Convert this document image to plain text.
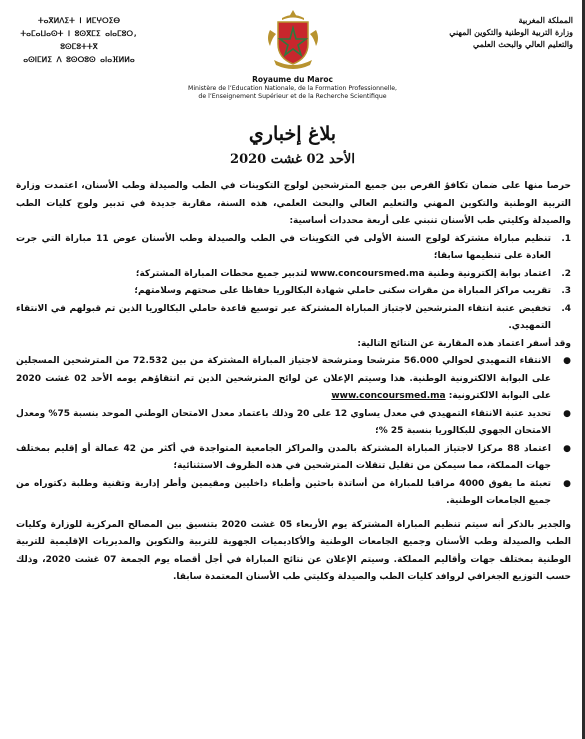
ⵜⴰⴳⵍⴷⵉⵜ ⵏ ⵍⵎⵖⵔⵉⴱ
ⵜⴰⵎⴰⵡⴰⵙⵜ ⵏ ⵓⵙⴳⵎⵉ ⴰⵏⴰⵎⵓⵔ, ⵓⵙⵎⵓⵜⵜⴳ
ⴰⵙⵏⵎⵍⵉ ⴷ ⵓⵙⵔⵓⵙ ⴰⵏⴰⴼⵍⵍⴰ
المملكة المغربية
وزارة التربية الوطنية والتكوين المهني
والتعليم العالي والبحث العلمي
Royaume du Maroc
Ministère de l’Education Nationale, de la Formation Professionnelle,
de l’Enseignement Supérieur et de la Recherche Scientifique
بلاغ إخباري
الأحد 02 غشت 2020

حرصا منها على ضمان تكافؤ الفرص بين جميع المترشحين لولوج التكوينات في الطب والصيدلة وطب الأسنان، اعتمدت وزارة التربية الوطنية والتكوين المهني والتعليم العالي والبحث العلمي، هذه السنة، مقاربة جديدة في تدبير ولوج كليات الطب والصيدلة وكليتي طب الأسنان تنبني على أربعة محددات أساسية:

1.
تنظيم مباراة مشتركة لولوج السنة الأولى في التكوينات في الطب والصيدلة وطب الأسنان عوض 11 مباراة التي جرت العادة على تنظيمها سابقا؛
2.
اعتماد بوابة إلكترونية وطنية www.concoursmed.ma لتدبير جميع محطات المباراة المشتركة؛
3.
تقريب مراكز المباراة من مقرات سكنى حاملي شهادة البكالوريا حفاظا على صحتهم وسلامتهم؛
4.
تخفيض عتبة انتقاء المترشحين لاجتياز المباراة المشتركة عبر توسيع قاعدة حاملي البكالوريا الذين تم قبولهم في الانتقاء التمهيدي.

وقد أسفر اعتماد هذه المقاربة عن النتائج التالية:

●
الانتقاء التمهيدي لحوالي 56.000 مترشحا ومترشحة لاجتياز المباراة المشتركة من بين 72.532 من المترشحين المسجلين على البوابة الالكترونية الوطنية. هذا وسيتم الإعلان عن لوائح المترشحين الذين تم انتقاؤهم يومه الأحد 02 غشت 2020 على البوابة الالكترونية: www.concoursmed.ma
●
تحديد عتبة الانتقاء التمهيدي في معدل يساوي 12 على 20 وذلك باعتماد معدل الامتحان الوطني الموحد بنسبة 75% ومعدل الامتحان الجهوي للبكالوريا بنسبة 25 %؛
●
اعتماد 88 مركزا لاجتياز المباراة المشتركة بالمدن والمراكز الجامعية المتواجدة في أكثر من 42 عمالة أو إقليم بمختلف جهات المملكة، مما سيمكن من تقليل تنقلات المترشحين في هذه الظروف الاستثنائية؛
●
تعبئة ما يفوق 4000 مراقبا للمباراة من أساتذة باحثين وأطباء داخليين ومقيمين وأطر إدارية وتقنية وطلبة دكتوراه من جميع الجامعات الوطنية.

والجدير بالذكر أنه سيتم تنظيم المباراة المشتركة يوم الأربعاء 05 غشت 2020 بتنسيق بين المصالح المركزية للوزارة وكليات الطب والصيدلة وطب الأسنان وجميع الجامعات الوطنية والأكاديميات الجهوية للتربية والتكوين والمديريات الإقليمية للتربية الوطنية بمختلف جهات وأقاليم المملكة. وسيتم الإعلان عن نتائج المباراة في أجل أقصاه يوم الجمعة 07 غشت 2020، وذلك حسب التوزيع الجغرافي لروافد كليات الطب والصيدلة وكليتي طب الأسنان المعتمدة سابقا.
